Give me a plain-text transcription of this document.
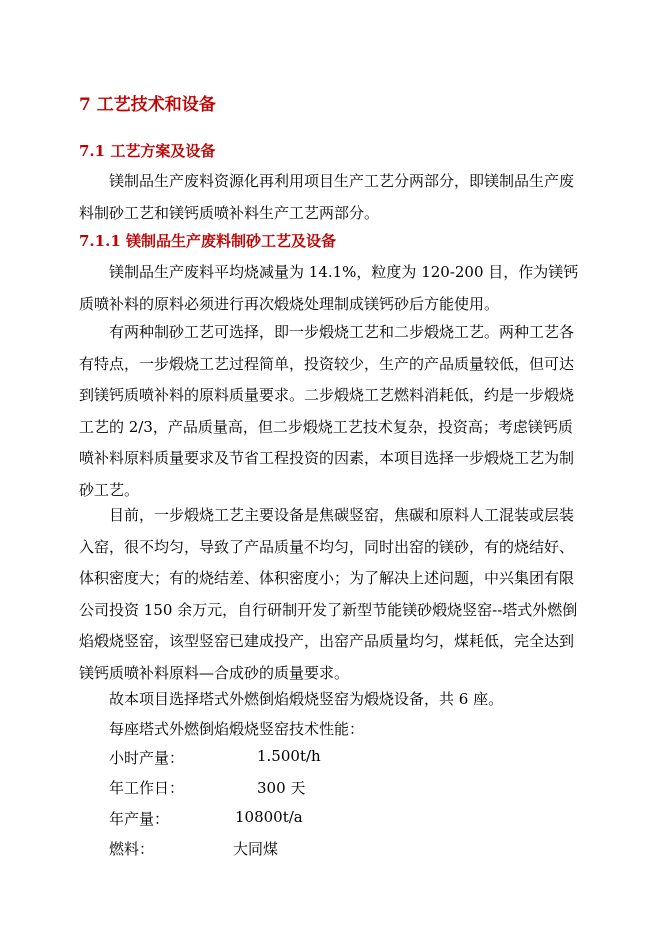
7 工艺技术和设备
7.1 工艺方案及设备

镁制品生产废料资源化再利用项目生产工艺分两部分，即镁制品生产废料制砂工艺和镁钙质喷补料生产工艺两部分。

7.1.1 镁制品生产废料制砂工艺及设备

镁制品生产废料平均烧减量为 14.1%，粒度为 120-200 目，作为镁钙质喷补料的原料必须进行再次煅烧处理制成镁钙砂后方能使用。

有两种制砂工艺可选择，即一步煅烧工艺和二步煅烧工艺。两种工艺各有特点，一步煅烧工艺过程简单，投资较少，生产的产品质量较低，但可达到镁钙质喷补料的原料质量要求。二步煅烧工艺燃料消耗低，约是一步煅烧工艺的 2/3，产品质量高，但二步煅烧工艺技术复杂，投资高；考虑镁钙质喷补料原料质量要求及节省工程投资的因素，本项目选择一步煅烧工艺为制砂工艺。

目前，一步煅烧工艺主要设备是焦碳竖窑，焦碳和原料人工混装或层装入窑，很不均匀，导致了产品质量不均匀，同时出窑的镁砂，有的烧结好、体积密度大；有的烧结差、体积密度小；为了解决上述问题，中兴集团有限公司投资 150 余万元，自行研制开发了新型节能镁砂煅烧竖窑--塔式外燃倒焰煅烧竖窑，该型竖窑已建成投产，出窑产品质量均匀，煤耗低，完全达到镁钙质喷补料原料—合成砂的质量要求。

故本项目选择塔式外燃倒焰煅烧竖窑为煅烧设备，共 6 座。

每座塔式外燃倒焰煅烧竖窑技术性能：

小时产量：	1.500t/h
年工作日：	300 天
年产量：	10800t/a
燃料：	大同煤
